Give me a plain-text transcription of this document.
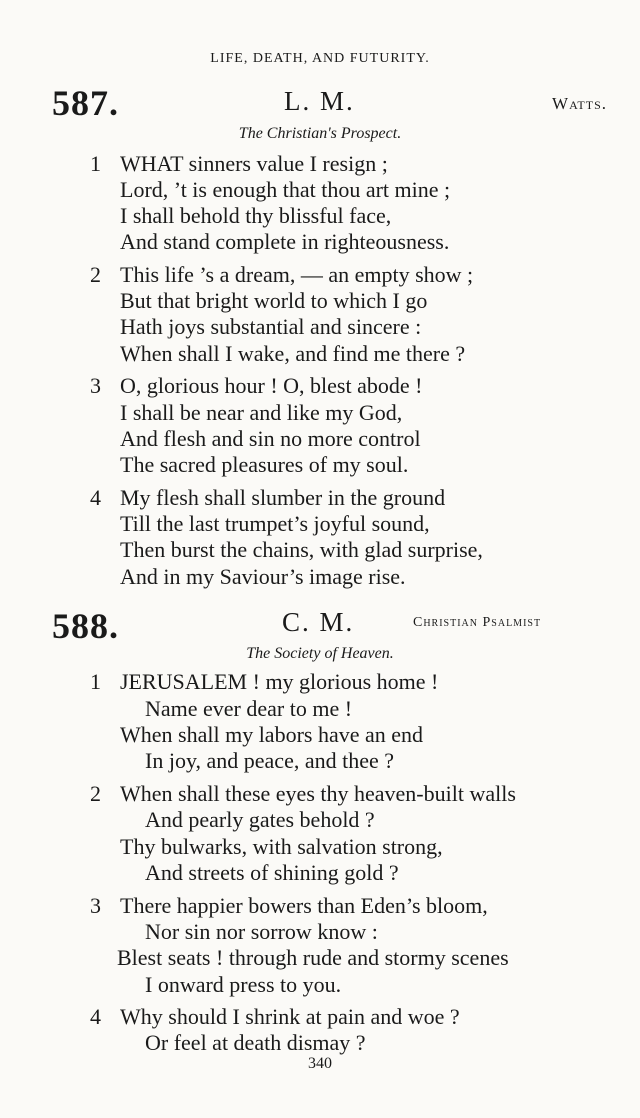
LIFE, DEATH, AND FUTURITY.
587.	L. M.	Watts.
The Christian's Prospect.
1 WHAT sinners value I resign ;
Lord, ’t is enough that thou art mine ;
I shall behold thy blissful face,
And stand complete in righteousness.
2 This life ’s a dream, — an empty show ;
But that bright world to which I go
Hath joys substantial and sincere :
When shall I wake, and find me there ?
3 O, glorious hour ! O, blest abode !
I shall be near and like my God,
And flesh and sin no more control
The sacred pleasures of my soul.
4 My flesh shall slumber in the ground
Till the last trumpet’s joyful sound,
Then burst the chains, with glad surprise,
And in my Saviour’s image rise.
588.	C. M.	Christian Psalmist
The Society of Heaven.
1 JERUSALEM ! my glorious home !
Name ever dear to me !
When shall my labors have an end
In joy, and peace, and thee ?
2 When shall these eyes thy heaven-built walls
And pearly gates behold ?
Thy bulwarks, with salvation strong,
And streets of shining gold ?
3 There happier bowers than Eden’s bloom,
Nor sin nor sorrow know :
Blest seats ! through rude and stormy scenes
I onward press to you.
4 Why should I shrink at pain and woe ?
Or feel at death dismay ?
340
